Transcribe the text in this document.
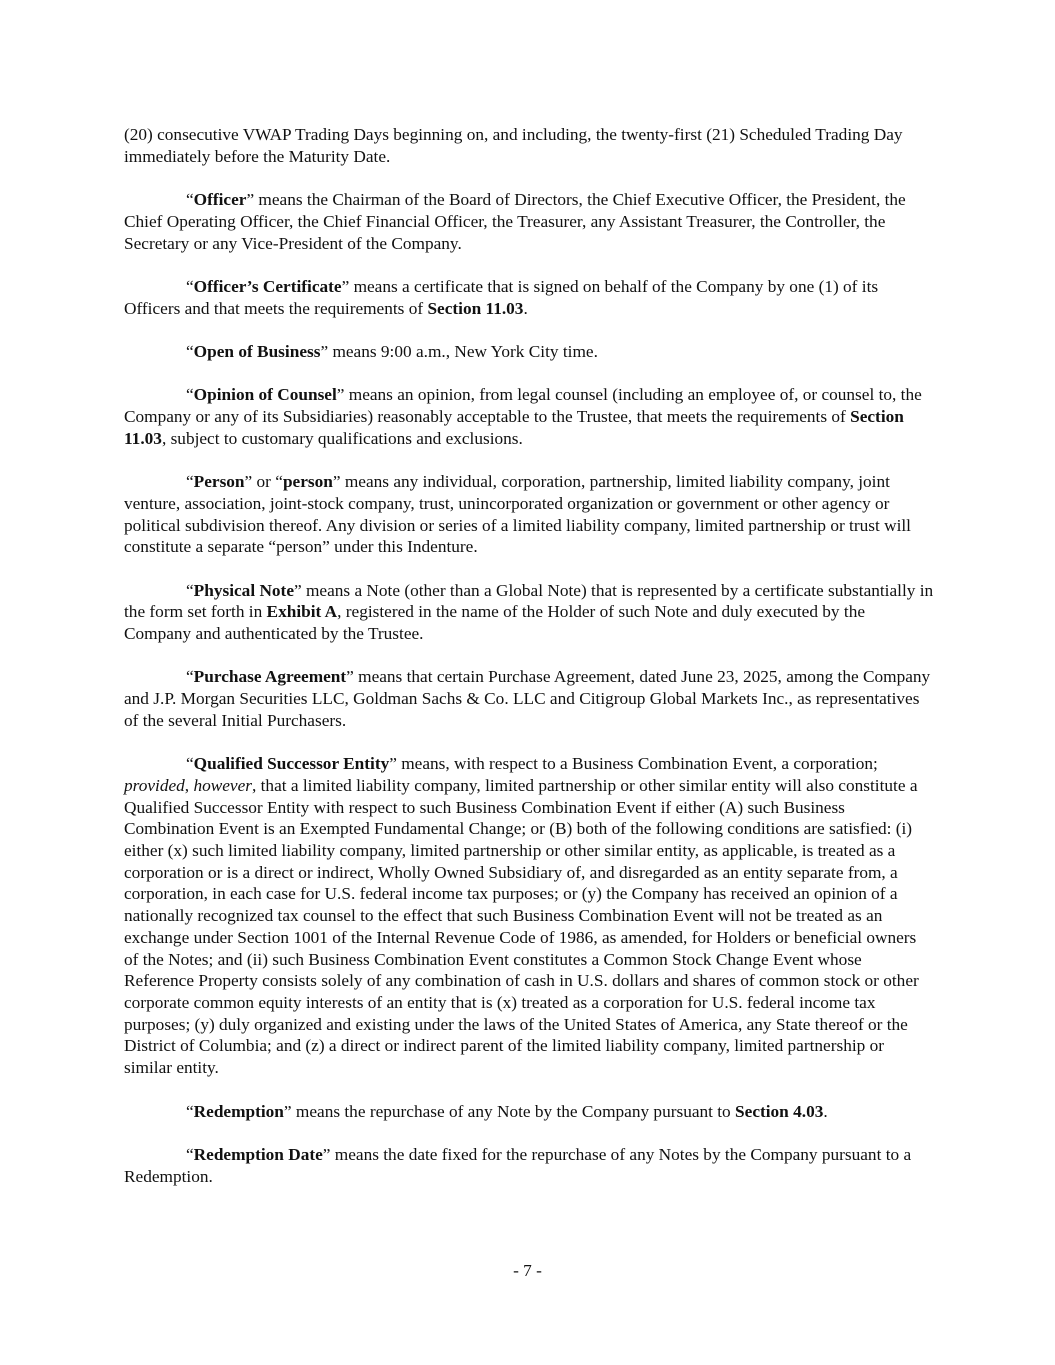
(20) consecutive VWAP Trading Days beginning on, and including, the twenty-first (21) Scheduled Trading Day immediately before the Maturity Date.

“Officer” means the Chairman of the Board of Directors, the Chief Executive Officer, the President, the Chief Operating Officer, the Chief Financial Officer, the Treasurer, any Assistant Treasurer, the Controller, the Secretary or any Vice-President of the Company.

“Officer’s Certificate” means a certificate that is signed on behalf of the Company by one (1) of its Officers and that meets the requirements of Section 11.03.

“Open of Business” means 9:00 a.m., New York City time.

“Opinion of Counsel” means an opinion, from legal counsel (including an employee of, or counsel to, the Company or any of its Subsidiaries) reasonably acceptable to the Trustee, that meets the requirements of Section 11.03, subject to customary qualifications and exclusions.

“Person” or “person” means any individual, corporation, partnership, limited liability company, joint venture, association, joint-stock company, trust, unincorporated organization or government or other agency or political subdivision thereof. Any division or series of a limited liability company, limited partnership or trust will constitute a separate “person” under this Indenture.

“Physical Note” means a Note (other than a Global Note) that is represented by a certificate substantially in the form set forth in Exhibit A, registered in the name of the Holder of such Note and duly executed by the Company and authenticated by the Trustee.

“Purchase Agreement” means that certain Purchase Agreement, dated June 23, 2025, among the Company and J.P. Morgan Securities LLC, Goldman Sachs & Co. LLC and Citigroup Global Markets Inc., as representatives of the several Initial Purchasers.

“Qualified Successor Entity” means, with respect to a Business Combination Event, a corporation; provided, however, that a limited liability company, limited partnership or other similar entity will also constitute a Qualified Successor Entity with respect to such Business Combination Event if either (A) such Business Combination Event is an Exempted Fundamental Change; or (B) both of the following conditions are satisfied: (i) either (x) such limited liability company, limited partnership or other similar entity, as applicable, is treated as a corporation or is a direct or indirect, Wholly Owned Subsidiary of, and disregarded as an entity separate from, a corporation, in each case for U.S. federal income tax purposes; or (y) the Company has received an opinion of a nationally recognized tax counsel to the effect that such Business Combination Event will not be treated as an exchange under Section 1001 of the Internal Revenue Code of 1986, as amended, for Holders or beneficial owners of the Notes; and (ii) such Business Combination Event constitutes a Common Stock Change Event whose Reference Property consists solely of any combination of cash in U.S. dollars and shares of common stock or other corporate common equity interests of an entity that is (x) treated as a corporation for U.S. federal income tax purposes; (y) duly organized and existing under the laws of the United States of America, any State thereof or the District of Columbia; and (z) a direct or indirect parent of the limited liability company, limited partnership or similar entity.

“Redemption” means the repurchase of any Note by the Company pursuant to Section 4.03.

“Redemption Date” means the date fixed for the repurchase of any Notes by the Company pursuant to a Redemption.

- 7 -
